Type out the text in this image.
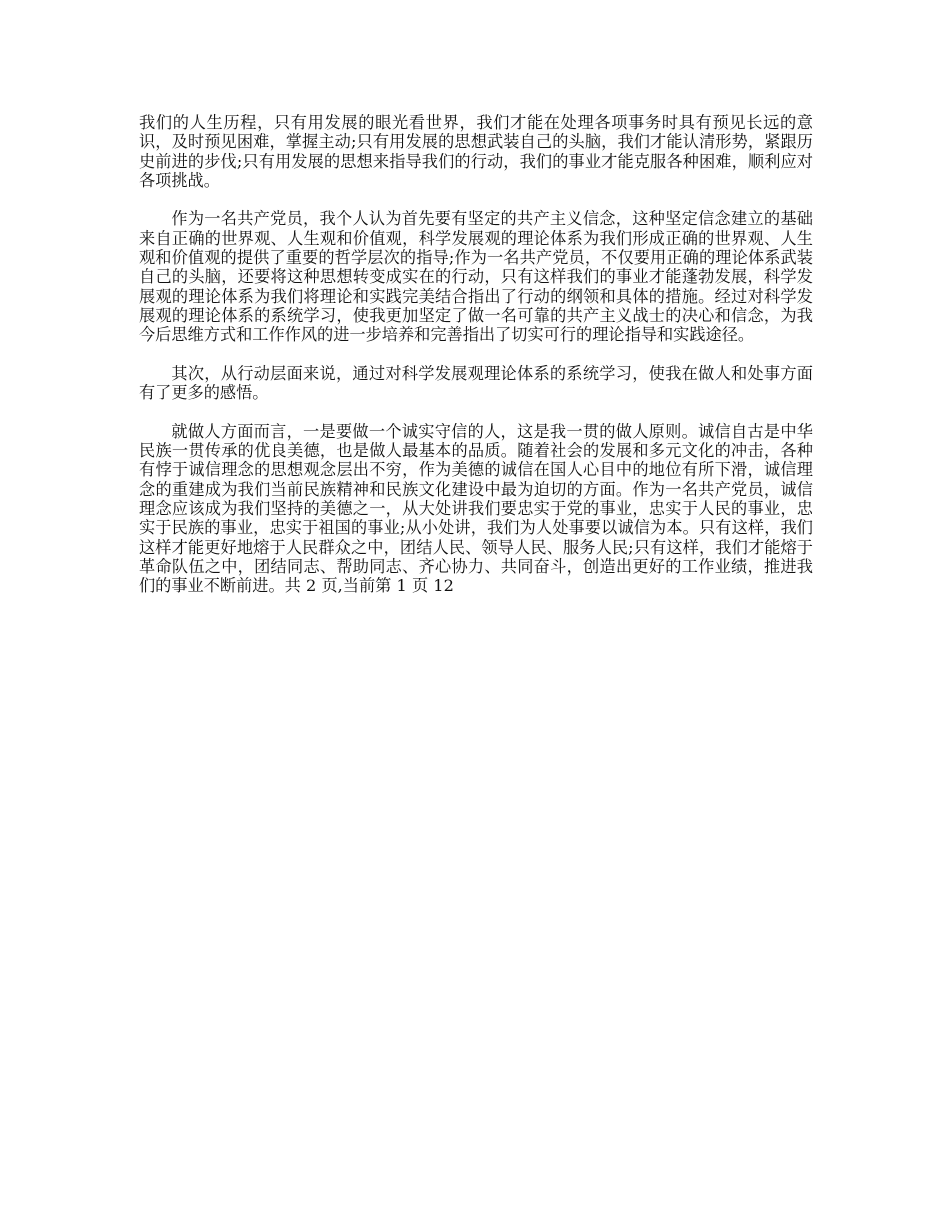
我们的人生历程，只有用发展的眼光看世界，我们才能在处理各项事务时具有预见长远的意识，及时预见困难，掌握主动;只有用发展的思想武装自己的头脑，我们才能认清形势，紧跟历史前进的步伐;只有用发展的思想来指导我们的行动，我们的事业才能克服各种困难，顺利应对各项挑战。

作为一名共产党员，我个人认为首先要有坚定的共产主义信念，这种坚定信念建立的基础来自正确的世界观、人生观和价值观，科学发展观的理论体系为我们形成正确的世界观、人生观和价值观的提供了重要的哲学层次的指导;作为一名共产党员，不仅要用正确的理论体系武装自己的头脑，还要将这种思想转变成实在的行动，只有这样我们的事业才能蓬勃发展，科学发展观的理论体系为我们将理论和实践完美结合指出了行动的纲领和具体的措施。经过对科学发展观的理论体系的系统学习，使我更加坚定了做一名可靠的共产主义战士的决心和信念，为我今后思维方式和工作作风的进一步培养和完善指出了切实可行的理论指导和实践途径。

其次，从行动层面来说，通过对科学发展观理论体系的系统学习，使我在做人和处事方面有了更多的感悟。

就做人方面而言，一是要做一个诚实守信的人，这是我一贯的做人原则。诚信自古是中华民族一贯传承的优良美德，也是做人最基本的品质。随着社会的发展和多元文化的冲击，各种有悖于诚信理念的思想观念层出不穷，作为美德的诚信在国人心目中的地位有所下滑，诚信理念的重建成为我们当前民族精神和民族文化建设中最为迫切的方面。作为一名共产党员，诚信理念应该成为我们坚持的美德之一，从大处讲我们要忠实于党的事业，忠实于人民的事业，忠实于民族的事业，忠实于祖国的事业;从小处讲，我们为人处事要以诚信为本。只有这样，我们这样才能更好地熔于人民群众之中，团结人民、领导人民、服务人民;只有这样，我们才能熔于革命队伍之中，团结同志、帮助同志、齐心协力、共同奋斗，创造出更好的工作业绩，推进我们的事业不断前进。共 2 页,当前第 1 页 12
